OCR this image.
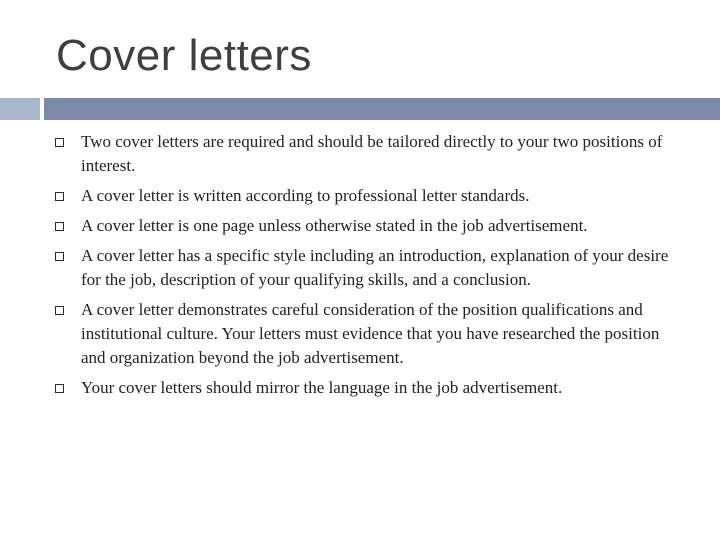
Cover letters
Two cover letters are required and should be tailored directly to your two positions of interest.
A cover letter is written according to professional letter standards.
A cover letter is one page unless otherwise stated in the job advertisement.
A cover letter has a specific style including an introduction, explanation of your desire for the job, description of your qualifying skills, and a conclusion.
A cover letter demonstrates careful consideration of the position qualifications and institutional culture. Your letters must evidence that you have researched the position and organization beyond the job advertisement.
Your cover letters should mirror the language in the job advertisement.
